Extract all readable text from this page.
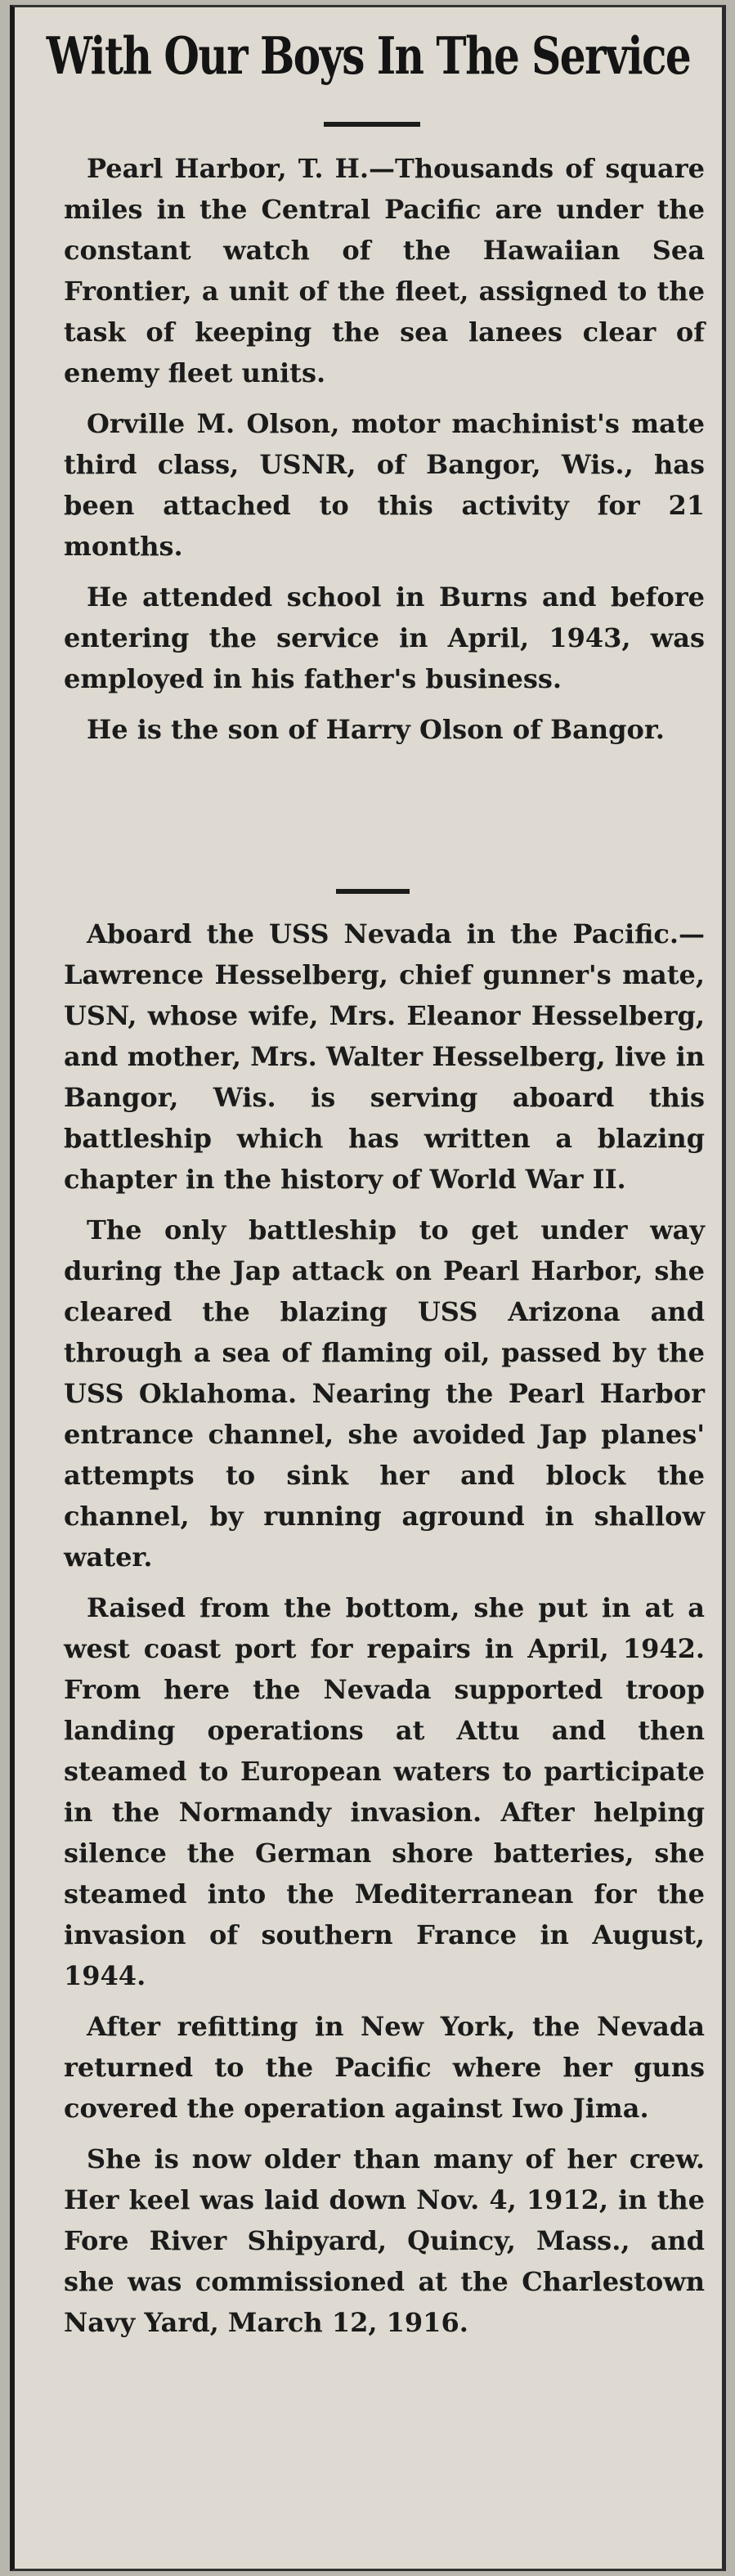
With Our Boys In The Service

Pearl Harbor, T. H.—Thousands of square miles in the Central Pacific are under the constant watch of the Hawaiian Sea Frontier, a unit of the fleet, assigned to the task of keeping the sea lanees clear of enemy fleet units.

Orville M. Olson, motor machinist's mate third class, USNR, of Bangor, Wis., has been attached to this activity for 21 months.

He attended school in Burns and before entering the service in April, 1943, was employed in his father's business.

He is the son of Harry Olson of Bangor.

Aboard the USS Nevada in the Pacific.—Lawrence Hesselberg, chief gunner's mate, USN, whose wife, Mrs. Eleanor Hesselberg, and mother, Mrs. Walter Hesselberg, live in Bangor, Wis. is serving aboard this battleship which has written a blazing chapter in the history of World War II.

The only battleship to get under way during the Jap attack on Pearl Harbor, she cleared the blazing USS Arizona and through a sea of flaming oil, passed by the USS Oklahoma. Nearing the Pearl Harbor entrance channel, she avoided Jap planes' attempts to sink her and block the channel, by running aground in shallow water.

Raised from the bottom, she put in at a west coast port for repairs in April, 1942. From here the Nevada supported troop landing operations at Attu and then steamed to European waters to participate in the Normandy invasion. After helping silence the German shore batteries, she steamed into the Mediterranean for the invasion of southern France in August, 1944.

After refitting in New York, the Nevada returned to the Pacific where her guns covered the operation against Iwo Jima.

She is now older than many of her crew. Her keel was laid down Nov. 4, 1912, in the Fore River Shipyard, Quincy, Mass., and she was commissioned at the Charlestown Navy Yard, March 12, 1916.
